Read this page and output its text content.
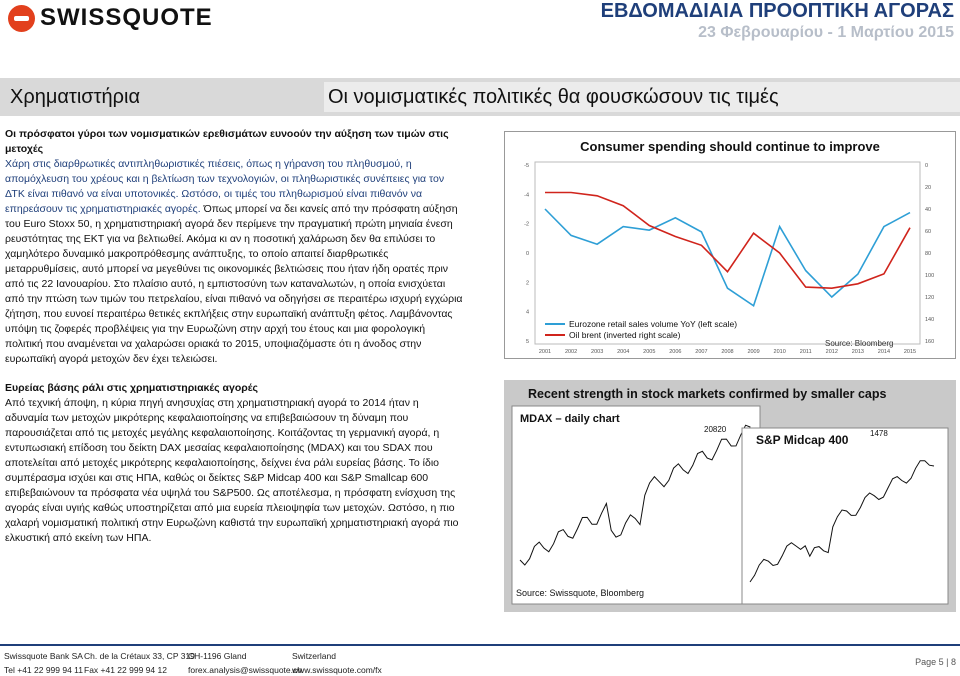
SWISSQUOTE	ΕΒΔΟΜΑΔΙΑΙΑ ΠΡΟΟΠΤΙΚΗ ΑΓΟΡΑΣ
23 Φεβρουαρίου - 1 Μαρτίου 2015
Χρηματιστήρια	Οι νομισματικές πολιτικές θα φουσκώσουν τις τιμές

Οι πρόσφατοι γύροι των νομισματικών ερεθισμάτων ευνοούν την αύξηση των τιμών στις μετοχές

Χάρη στις διαρθρωτικές αντιπληθωριστικές πιέσεις, όπως η γήρανση του πληθυσμού, η απομόχλευση του χρέους και η βελτίωση των τεχνολογιών, οι πληθωριστικές συνέπειες για τον ΔΤΚ είναι πιθανό να είναι υποτονικές. Ωστόσο, οι τιμές του πληθωρισμού είναι πιθανόν να επηρεάσουν τις χρηματιστηριακές αγορές. Όπως μπορεί να δει κανείς από την πρόσφατη αύξηση του Euro Stoxx 50, η χρηματιστηριακή αγορά δεν περίμενε την πραγματική πρώτη μηνιαία ένεση ρευστότητας της ΕΚΤ για να βελτιωθεί. Ακόμα κι αν η ποσοτική χαλάρωση δεν θα επιλύσει το χαμηλότερο δυναμικό μακροπρόθεσμης ανάπτυξης, το οποίο απαιτεί διαρθρωτικές μεταρρυθμίσεις, αυτό μπορεί να μεγεθύνει τις οικονομικές βελτιώσεις που ήταν ήδη ορατές πριν από τις 22 Ιανουαρίου. Στο πλαίσιο αυτό, η εμπιστοσύνη των καταναλωτών, η οποία ενισχύεται από την πτώση των τιμών του πετρελαίου, είναι πιθανό να οδηγήσει σε περαιτέρω ισχυρή εγχώρια ζήτηση, που ευνοεί περαιτέρω θετικές εκπλήξεις στην ευρωπαϊκή ανάπτυξη φέτος. Λαμβάνοντας υπόψη τις ζοφερές προβλέψεις για την Ευρωζώνη στην αρχή του έτους και μια φορολογική πολιτική που αναμένεται να χαλαρώσει οριακά το 2015, υποψιαζόμαστε ότι η άνοδος στην ευρωπαϊκή αγορά μετοχών δεν έχει τελειώσει.

Ευρείας βάσης ράλι στις χρηματιστηριακές αγορές

Από τεχνική άποψη, η κύρια πηγή ανησυχίας στη χρηματιστηριακή αγορά το 2014 ήταν η αδυναμία των μετοχών μικρότερης κεφαλαιοποίησης να επιβεβαιώσουν τη δύναμη που παρουσιάζεται από τις μετοχές μεγάλης κεφαλαιοποίησης. Κοιτάζοντας τη γερμανική αγορά, η εντυπωσιακή επίδοση του δείκτη DAX μεσαίας κεφαλαιοποίησης (MDAX) και του SDAX που αποτελείται από μετοχές μικρότερης κεφαλαιοποίησης, δείχνει ένα ράλι ευρείας βάσης. Το ίδιο συμπέρασμα ισχύει και στις ΗΠΑ, καθώς οι δείκτες S&P Midcap 400 και S&P Smallcap 600 επιβεβαιώνουν τα πρόσφατα νέα υψηλά του S&P500. Ως αποτέλεσμα, η πρόσφατη ενίσχυση της αγοράς είναι υγιής καθώς υποστηρίζεται από μια ευρεία πλειοψηφία των μετοχών. Ωστόσο, η πιο χαλαρή νομισματική πολιτική στην Ευρωζώνη καθιστά την ευρωπαϊκή χρηματιστηριακή αγορά πιο ελκυστική από εκείνη των ΗΠΑ.

Consumer spending should continue to improve
-5
-4
-2
0
2
4
5
0
20
40
60
80
100
120
140
160
2001	2002	2003	2004	2005	2006	2007	2008	2009	2010	2011	2012	2013	2014	2015
Eurozone retail sales volume YoY (left scale)
Oil brent (inverted right scale)
Source: Bloomberg
Recent strength in stock markets confirmed by smaller caps
MDAX – daily chart
20820
S&P Midcap 400	1478
Source: Swissquote, Bloomberg
Swissquote Bank SA
Tel +41 22 999 94 11
Ch. de la Crétaux 33, CP 319
Fax +41 22 999 94 12
CH-1196 Gland
forex.analysis@swissquote.ch
Switzerland
www.swissquote.com/fx
Page 5 | 8
